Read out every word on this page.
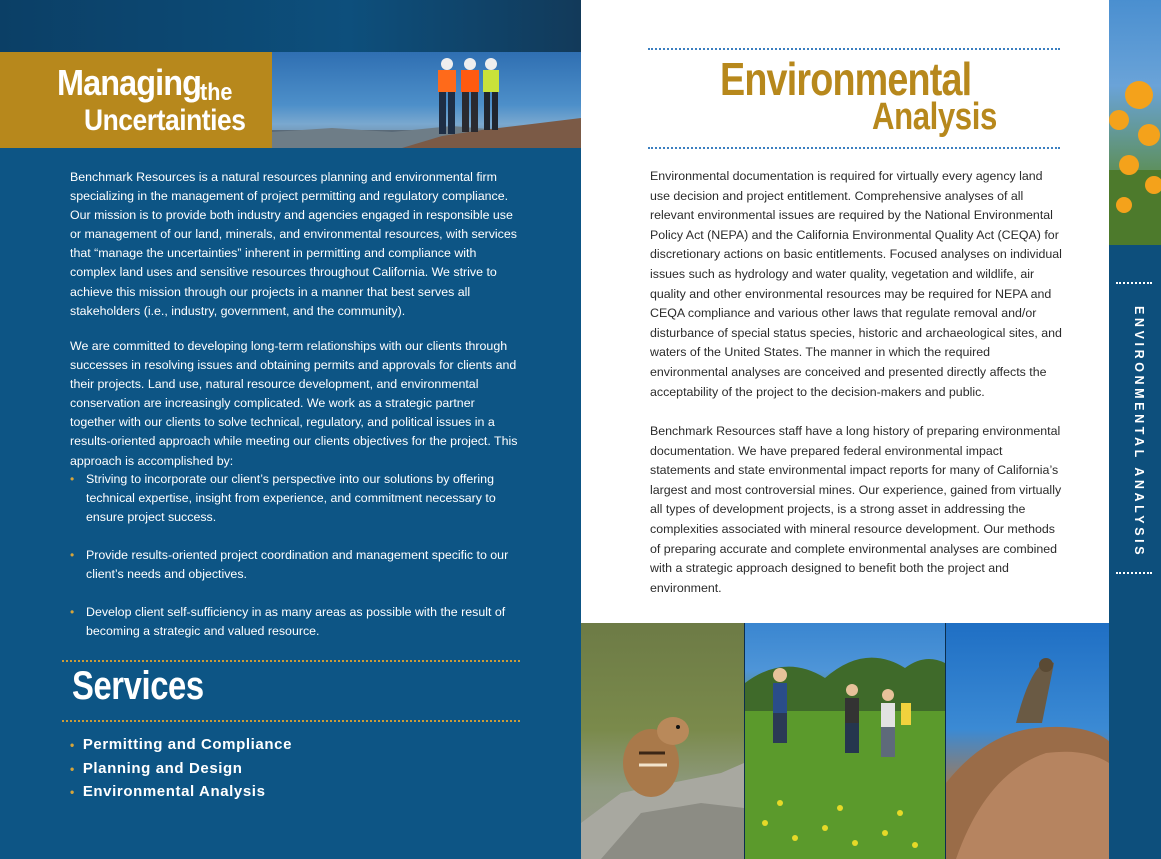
Managing the
Uncertainties

Benchmark Resources is a natural resources planning and environmental firm specializing in the management of project permitting and regulatory compliance. Our mission is to provide both industry and agencies engaged in responsible use or management of our land, minerals, and environmental resources, with services that “manage the uncertainties” inherent in permitting and compliance with complex land uses and sensitive resources throughout California. We strive to achieve this mission through our projects in a manner that best serves all stakeholders (i.e., industry, government, and the community).

We are committed to developing long-term relationships with our clients through successes in resolving issues and obtaining permits and approvals for clients and their projects. Land use, natural resource development, and environmental conservation are increasingly complicated. We work as a strategic partner together with our clients to solve technical, regulatory, and political issues in a results-oriented approach while meeting our clients objectives for the project. This approach is accomplished by:

• Striving to incorporate our client’s perspective into our solutions by offering technical expertise, insight from experience, and commitment necessary to ensure project success.
• Provide results-oriented project coordination and management specific to our client’s needs and objectives.
• Develop client self-sufficiency in as many areas as possible with the result of becoming a strategic and valued resource.
Services
• Permitting and Compliance
• Planning and Design
• Environmental Analysis
Environmental
Analysis

Environmental documentation is required for virtually every agency land use decision and project entitlement. Comprehensive analyses of all relevant environmental issues are required by the National Environmental Policy Act (NEPA) and the California Environmental Quality Act (CEQA) for discretionary actions on basic entitlements. Focused analyses on individual issues such as hydrology and water quality, vegetation and wildlife, air quality and other environmental resources may be required for NEPA and CEQA compliance and various other laws that regulate removal and/or disturbance of special status species, historic and archaeological sites, and waters of the United States. The manner in which the required environmental analyses are conceived and presented directly affects the acceptability of the project to the decision-makers and public.

Benchmark Resources staff have a long history of preparing environmental documentation. We have prepared federal environmental impact statements and state environmental impact reports for many of California’s largest and most controversial mines. Our experience, gained from virtually all types of development projects, is a strong asset in addressing the complexities associated with mineral resource development. Our methods of preparing accurate and complete environmental analyses are combined with a strategic approach designed to benefit both the project and environment.

ENVIRONMENTAL ANALYSIS
